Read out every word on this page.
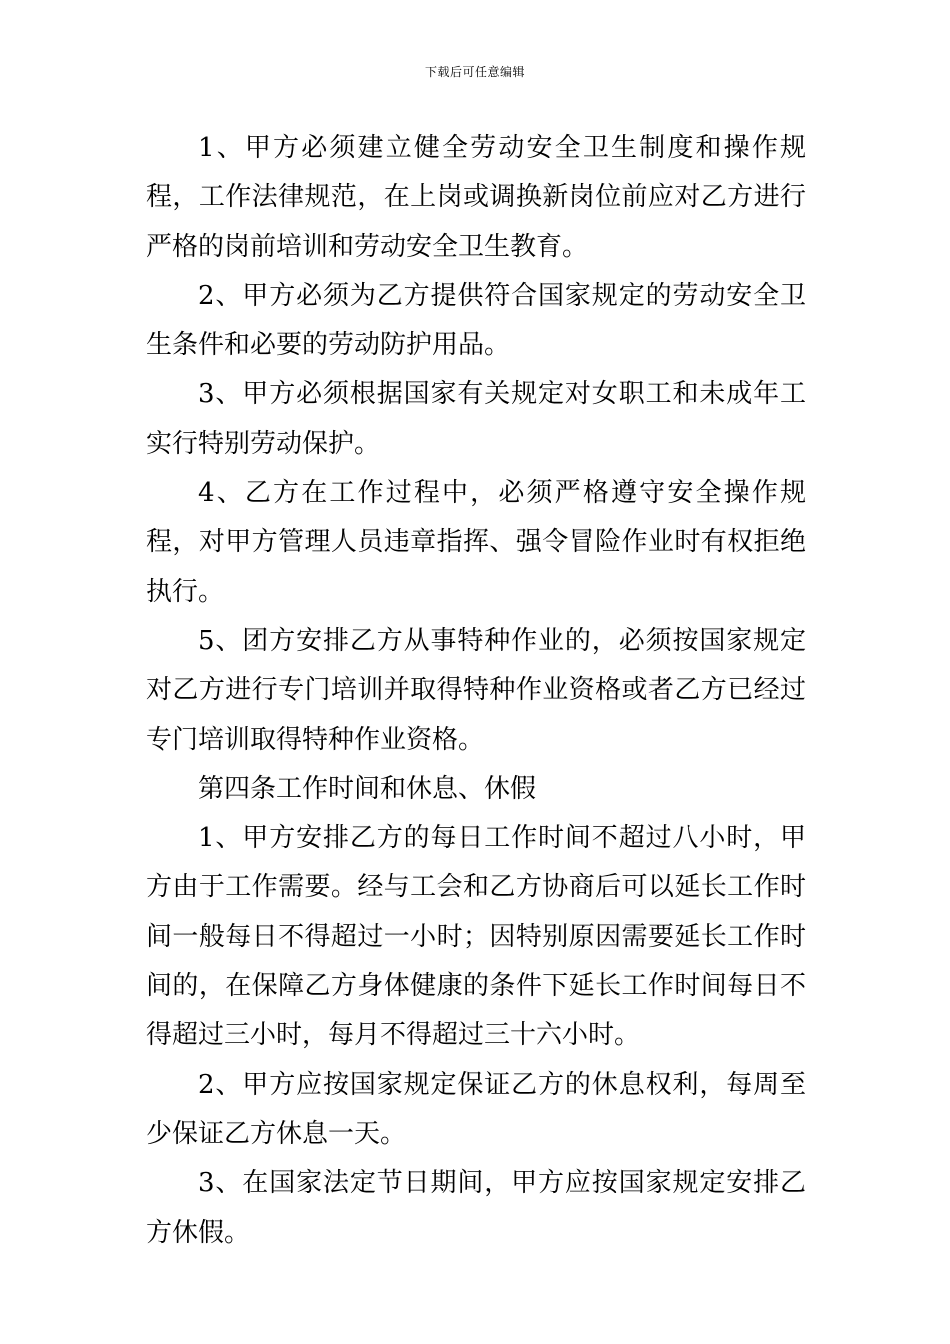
下载后可任意编辑

1、甲方必须建立健全劳动安全卫生制度和操作规程，工作法律规范，在上岗或调换新岗位前应对乙方进行严格的岗前培训和劳动安全卫生教育。

2、甲方必须为乙方提供符合国家规定的劳动安全卫生条件和必要的劳动防护用品。

3、甲方必须根据国家有关规定对女职工和未成年工实行特别劳动保护。

4、乙方在工作过程中，必须严格遵守安全操作规程，对甲方管理人员违章指挥、强令冒险作业时有权拒绝执行。

5、团方安排乙方从事特种作业的，必须按国家规定对乙方进行专门培训并取得特种作业资格或者乙方已经过专门培训取得特种作业资格。

第四条工作时间和休息、休假

1、甲方安排乙方的每日工作时间不超过八小时，甲方由于工作需要。经与工会和乙方协商后可以延长工作时间一般每日不得超过一小时；因特别原因需要延长工作时间的，在保障乙方身体健康的条件下延长工作时间每日不得超过三小时，每月不得超过三十六小时。

2、甲方应按国家规定保证乙方的休息权利，每周至少保证乙方休息一天。

3、在国家法定节日期间，甲方应按国家规定安排乙方休假。
